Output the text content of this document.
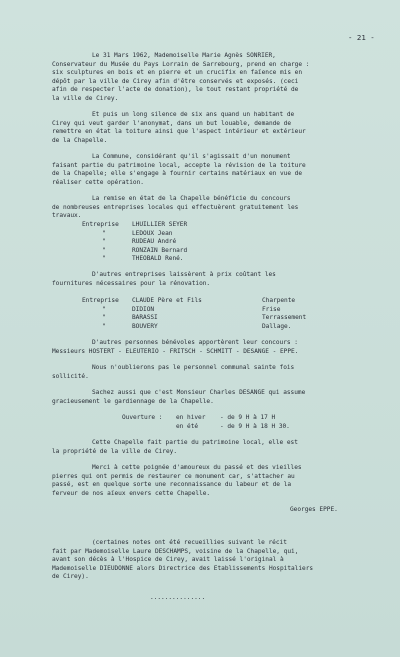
- 21 -
Le 31 Mars 1962, Mademoiselle Marie Agnès SONRIER,
Conservateur du Musée du Pays Lorrain de Sarrebourg, prend en charge :
six sculptures en bois et en pierre et un crucifix en faïence mis en
dépôt par la ville de Cirey afin d'être conservés et exposés. (ceci
afin de respecter l'acte de donation), le tout restant propriété de
la ville de Cirey.
Et puis un long silence de six ans quand un habitant de
Cirey qui veut garder l'anonymat, dans un but louable, demande de
remettre en état la toiture ainsi que l'aspect intérieur et extérieur
de la Chapelle.
La Commune, considérant qu'il s'agissait d'un monument
faisant partie du patrimoine local, accepte la révision de la toiture
de la Chapelle; elle s'engage à fournir certains matériaux en vue de
réaliser cette opération.
La remise en état de la Chapelle bénéficie du concours
de nombreuses entreprises locales qui effectuèrent gratuitement les
travaux.
Entreprise LHUILLIER SEYER
"	LEDOUX Jean
"	RUDEAU André
"	RONZAIN Bernard
"	THEOBALD René.
D'autres entreprises laissèrent à prix coûtant les
fournitures nécessaires pour la rénovation.
Entreprise CLAUDE Père et Fils	Charpente
"	DIDION	Frise
"	BARASSI	Terrassement
"	BOUVERY	Dallage.
D'autres personnes bénévoles apportèrent leur concours :
Messieurs HOSTERT - ELEUTERIO - FRITSCH - SCHMITT - DESANGE - EPPE.
Nous n'oublierons pas le personnel communal sainte fois
sollicité.
Sachez aussi que c'est Monsieur Charles DESANGE qui assume
gracieusement le gardiennage de la Chapelle.
Ouverture : en hiver - de 9 H à 17 H
en été	- de 9 H à 18 H 30.
Cette Chapelle fait partie du patrimoine local, elle est
la propriété de la ville de Cirey.
Merci à cette poignée d'amoureux du passé et des vieilles
pierres qui ont permis de restaurer ce monument car, s'attacher au
passé, est en quelque sorte une reconnaissance du labeur et de la
ferveur de nos aïeux envers cette Chapelle.
Georges EPPE.
(certaines notes ont été recueillies suivant le récit
fait par Mademoiselle Laure DESCHAMPS, voisine de la Chapelle, qui,
avant son décès à l'Hospice de Cirey, avait laissé l'original à
Mademoiselle DIEUDONNE alors Directrice des Etablissements Hospitaliers
de Cirey).
...............
